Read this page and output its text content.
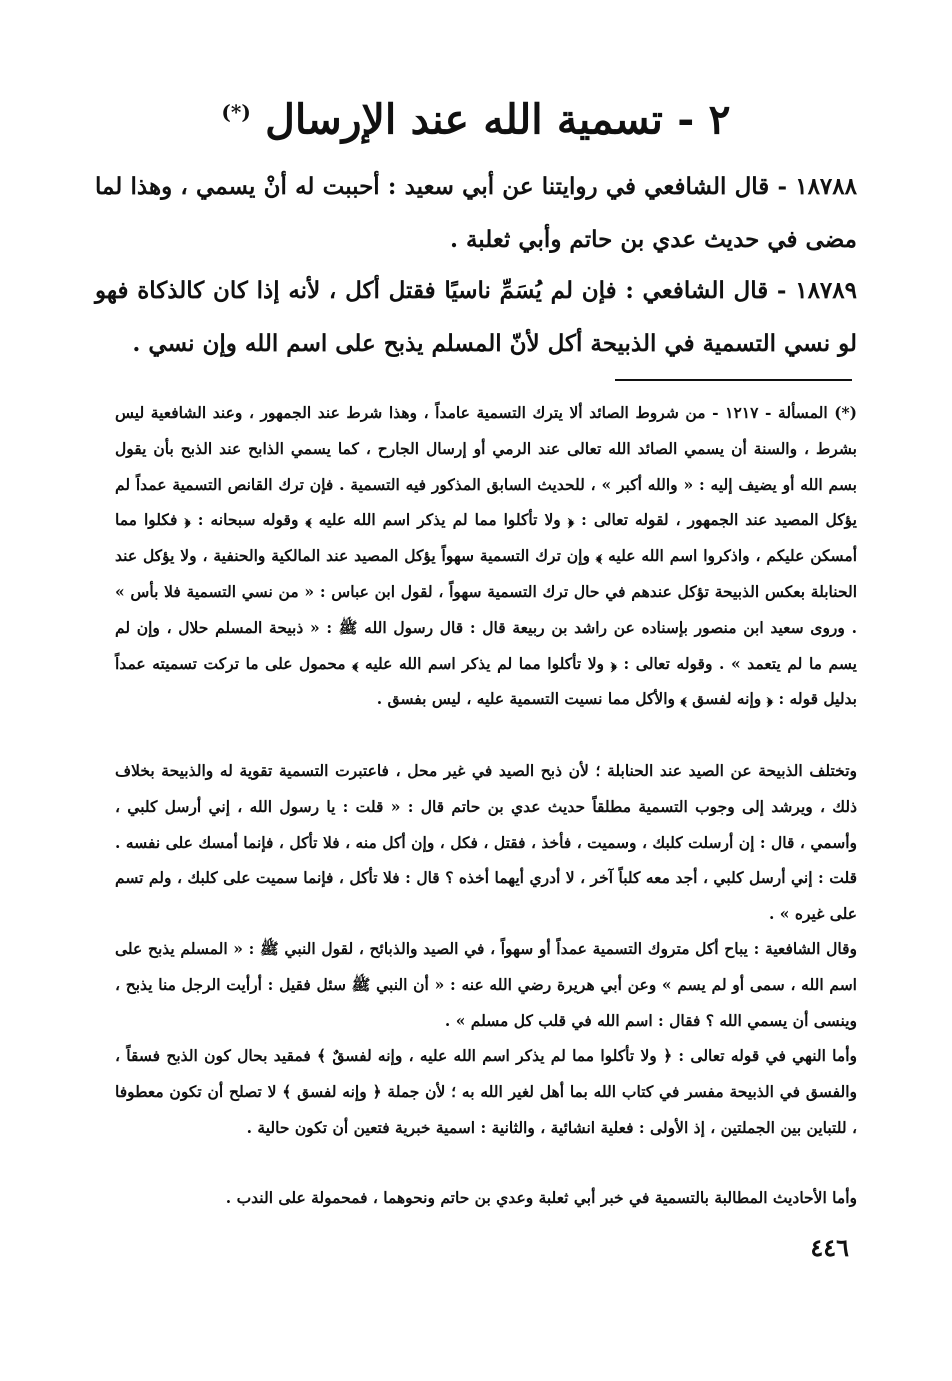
٢ - تسمية الله عند الإرسال (*)

١٨٧٨٨ - قال الشافعي في روايتنا عن أبي سعيد : أحببت له أنْ يسمي ، وهذا لما مضى في حديث عدي بن حاتم وأبي ثعلبة .

١٨٧٨٩ - قال الشافعي : فإن لم يُسَمِّ ناسيًا فقتل أكل ، لأنه إذا كان كالذكاة فهو لو نسي التسمية في الذبيحة أكل لأنّ المسلم يذبح على اسم الله وإن نسي .

(*) المسألة - ١٢١٧ - من شروط الصائد ألا يترك التسمية عامداً ، وهذا شرط عند الجمهور ، وعند الشافعية ليس بشرط ، والسنة أن يسمي الصائد الله تعالى عند الرمي أو إرسال الجارح ، كما يسمي الذابح عند الذبح بأن يقول بسم الله أو يضيف إليه : « والله أكبر » ، للحديث السابق المذكور فيه التسمية . فإن ترك القانص التسمية عمداً لم يؤكل المصيد عند الجمهور ، لقوله تعالى : ﴿ ولا تأكلوا مما لم يذكر اسم الله عليه ﴾ وقوله سبحانه : ﴿ فكلوا مما أمسكن عليكم ، واذكروا اسم الله عليه ﴾ وإن ترك التسمية سهواً يؤكل المصيد عند المالكية والحنفية ، ولا يؤكل عند الحنابلة بعكس الذبيحة تؤكل عندهم في حال ترك التسمية سهواً ، لقول ابن عباس : « من نسي التسمية فلا بأس » . وروى سعيد ابن منصور بإسناده عن راشد بن ربيعة قال : قال رسول الله ﷺ : « ذبيحة المسلم حلال ، وإن لم يسم ما لم يتعمد » . وقوله تعالى : ﴿ ولا تأكلوا مما لم يذكر اسم الله عليه ﴾ محمول على ما تركت تسميته عمداً بدليل قوله : ﴿ وإنه لفسق ﴾ والأكل مما نسيت التسمية عليه ، ليس بفسق .

وتختلف الذبيحة عن الصيد عند الحنابلة ؛ لأن ذبح الصيد في غير محل ، فاعتبرت التسمية تقوية له والذبيحة بخلاف ذلك ، ويرشد إلى وجوب التسمية مطلقاً حديث عدي بن حاتم قال : « قلت : يا رسول الله ، إني أرسل كلبي ، وأسمي ، قال : إن أرسلت كلبك ، وسميت ، فأخذ ، فقتل ، فكل ، وإن أكل منه ، فلا تأكل ، فإنما أمسك على نفسه . قلت : إني أرسل كلبي ، أجد معه كلباً آخر ، لا أدري أيهما أخذه ؟ قال : فلا تأكل ، فإنما سميت على كلبك ، ولم تسم على غيره » .

وقال الشافعية : يباح أكل متروك التسمية عمداً أو سهواً ، في الصيد والذبائح ، لقول النبي ﷺ : « المسلم يذبح على اسم الله ، سمى أو لم يسم » وعن أبي هريرة رضي الله عنه : « أن النبي ﷺ سئل فقيل : أرأيت الرجل منا يذبح ، وينسى أن يسمي الله ؟ فقال : اسم الله في قلب كل مسلم » .

وأما النهي في قوله تعالى : ﴿ ولا تأكلوا مما لم يذكر اسم الله عليه ، وإنه لفسقٌ ﴾ فمقيد بحال كون الذبح فسقاً ، والفسق في الذبيحة مفسر في كتاب الله بما أهل لغير الله به ؛ لأن جملة ﴿ وإنه لفسق ﴾ لا تصلح أن تكون معطوفا ، للتباين بين الجملتين ، إذ الأولى : فعلية انشائية ، والثانية : اسمية خبرية فتعين أن تكون حالية .

وأما الأحاديث المطالبة بالتسمية في خبر أبي ثعلبة وعدي بن حاتم ونحوهما ، فمحمولة على الندب .

٤٤٦
